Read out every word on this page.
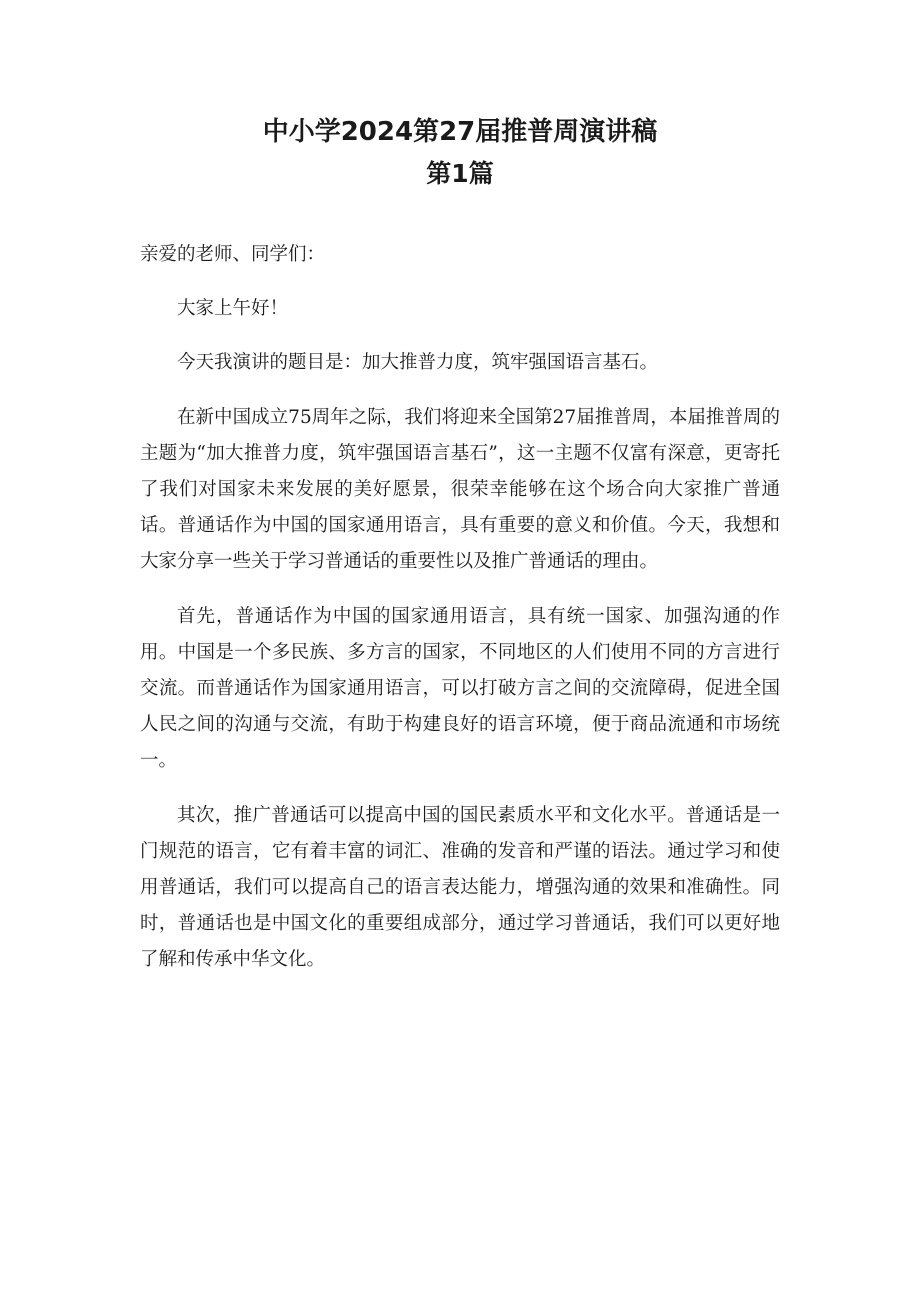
中小学2024第27届推普周演讲稿
第1篇

亲爱的老师、同学们：

大家上午好！

今天我演讲的题目是：加大推普力度，筑牢强国语言基石。

在新中国成立75周年之际，我们将迎来全国第27届推普周，本届推普周的主题为“加大推普力度，筑牢强国语言基石”，这一主题不仅富有深意，更寄托了我们对国家未来发展的美好愿景，很荣幸能够在这个场合向大家推广普通话。普通话作为中国的国家通用语言，具有重要的意义和价值。今天，我想和大家分享一些关于学习普通话的重要性以及推广普通话的理由。

首先，普通话作为中国的国家通用语言，具有统一国家、加强沟通的作用。中国是一个多民族、多方言的国家，不同地区的人们使用不同的方言进行交流。而普通话作为国家通用语言，可以打破方言之间的交流障碍，促进全国人民之间的沟通与交流，有助于构建良好的语言环境，便于商品流通和市场统一。

其次，推广普通话可以提高中国的国民素质水平和文化水平。普通话是一门规范的语言，它有着丰富的词汇、准确的发音和严谨的语法。通过学习和使用普通话，我们可以提高自己的语言表达能力，增强沟通的效果和准确性。同时，普通话也是中国文化的重要组成部分，通过学习普通话，我们可以更好地了解和传承中华文化。
